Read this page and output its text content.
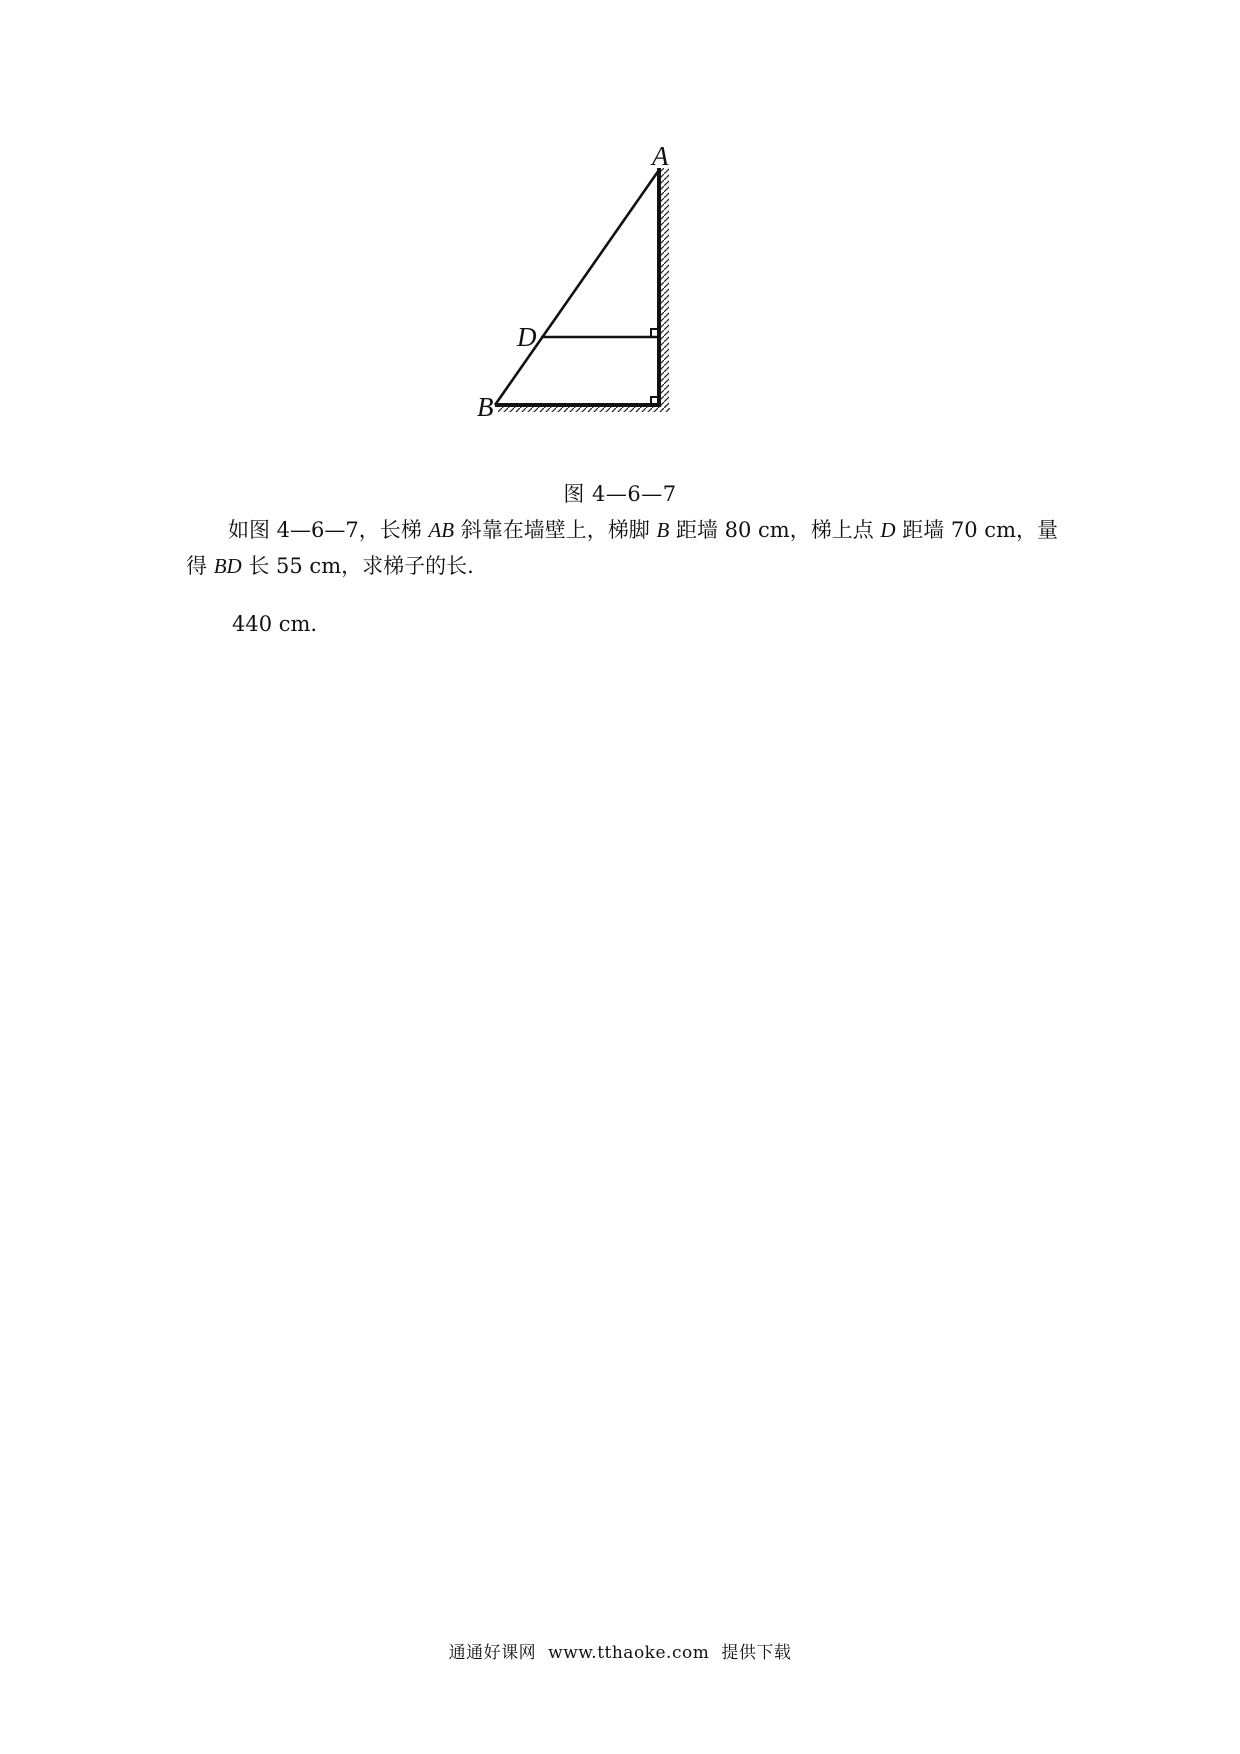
A
D
B
图 4—6—7
如图 4—6—7，长梯 AB 斜靠在墙壁上，梯脚 B 距墙 80 cm，梯上点 D 距墙 70 cm，量得 BD 长 55 cm，求梯子的长.
440 cm.
通通好课网 www.tthaoke.com 提供下载
